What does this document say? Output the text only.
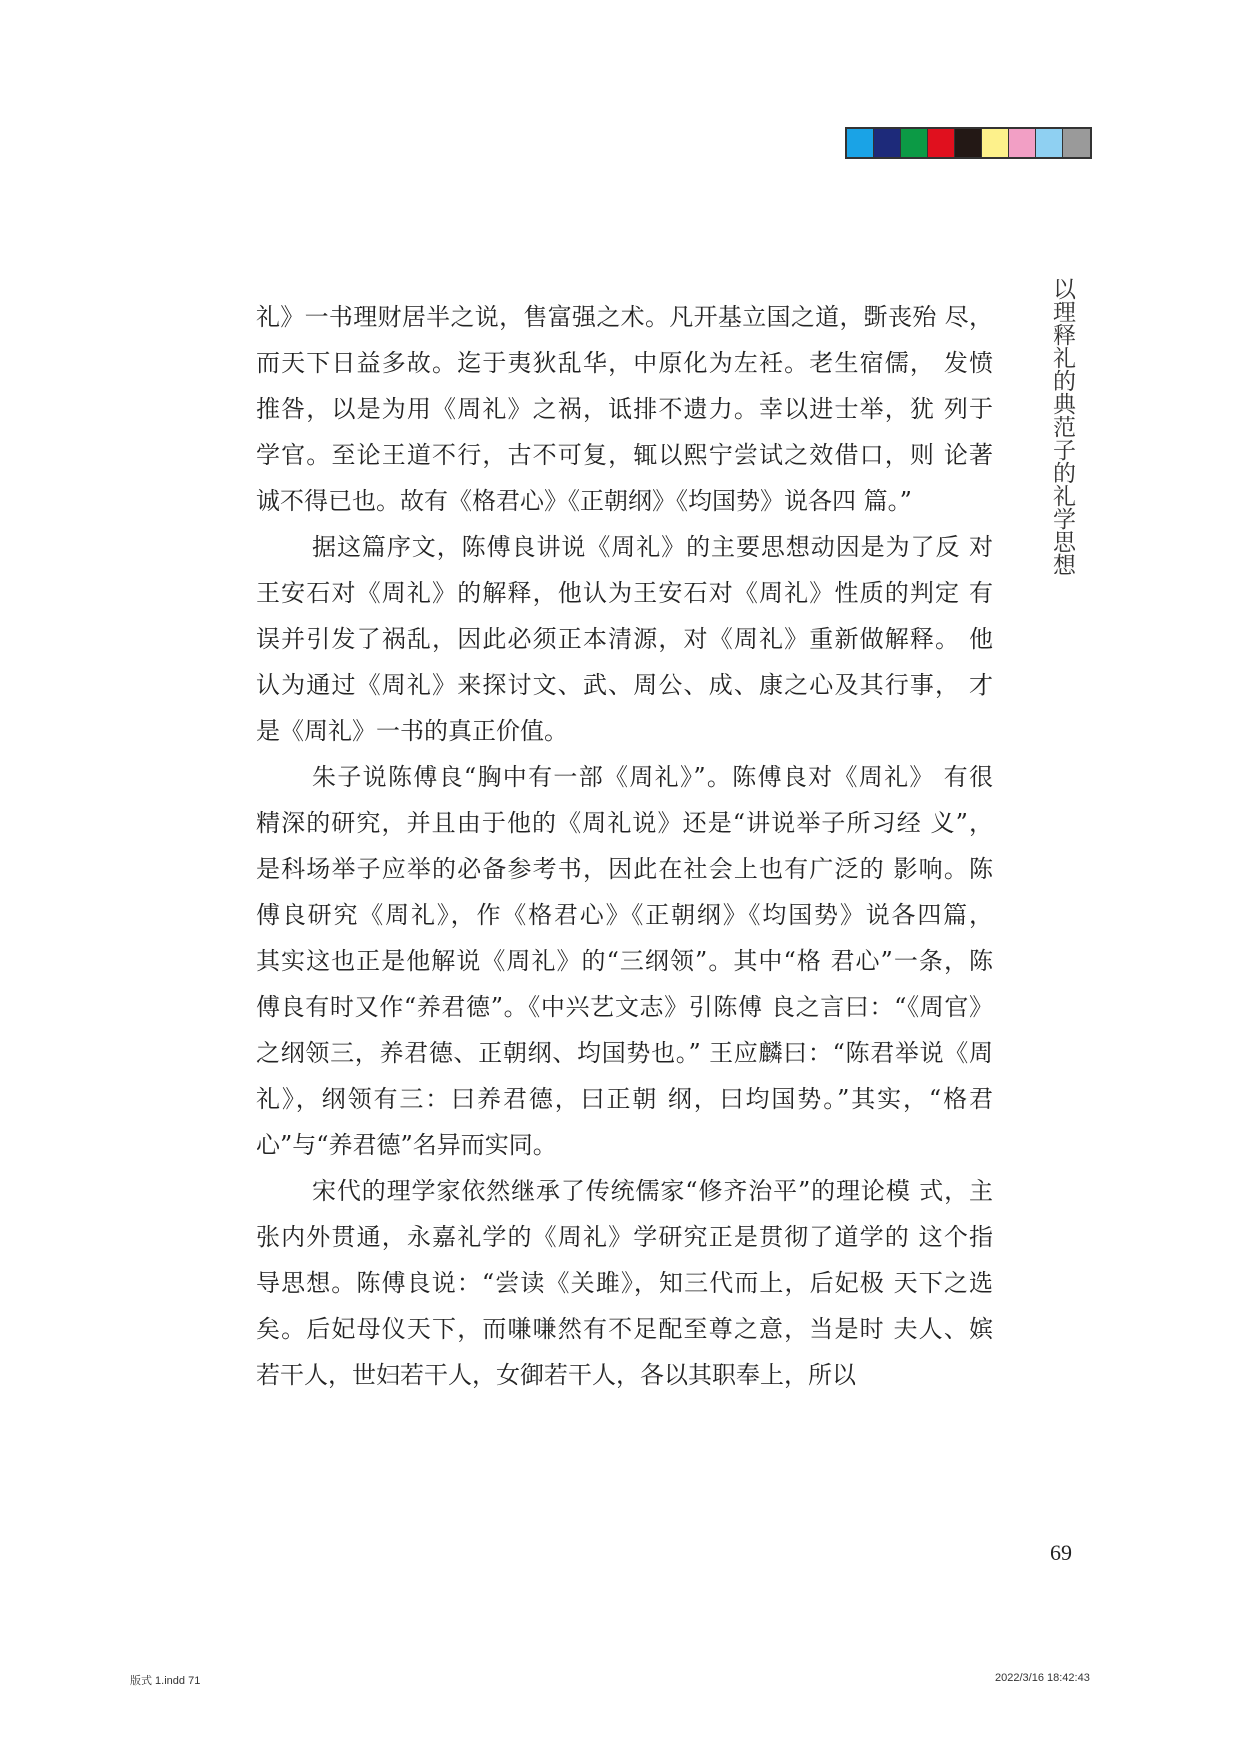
以理释礼的典范子的礼学思想
礼》一书理财居半之说，售富强之术。凡开基立国之道，斲丧殆 尽，
而天下日益多故。迄于夷狄乱华，中原化为左衽。老生宿儒， 发愤
推咎，以是为用《周礼》之祸，诋排不遗力。幸以进士举，犹 列于
学官。至论王道不行，古不可复，辄以熙宁尝试之效借口，则 论著
诚不得已也。故有《格君心》《正朝纲》《均国势》说各四 篇。”
据这篇序文，陈傅良讲说《周礼》的主要思想动因是为了反 对
王安石对《周礼》的解释，他认为王安石对《周礼》性质的判定 有
误并引发了祸乱，因此必须正本清源，对《周礼》重新做解释。 他
认为通过《周礼》来探讨文、武、周公、成、康之心及其行事， 才
是《周礼》一书的真正价值。
朱子说陈傅良“胸中有一部《周礼》”。陈傅良对《周礼》 有很
精深的研究，并且由于他的《周礼说》还是“讲说举子所习经 义”，
是科场举子应举的必备参考书，因此在社会上也有广泛的 影响。陈
傅良研究《周礼》，作《格君心》《正朝纲》《均国势》说各四篇，
其实这也正是他解说《周礼》的“三纲领”。其中“格 君心”一条，陈
傅良有时又作“养君德”。《中兴艺文志》引陈傅 良之言曰：“《周官》
之纲领三，养君德、正朝纲、均国势也。” 王应麟曰：“陈君举说《周
礼》，纲领有三：曰养君德，曰正朝 纲，曰均国势。”其实，“格君
心”与“养君德”名异而实同。
宋代的理学家依然继承了传统儒家“修齐治平”的理论模 式，主
张内外贯通，永嘉礼学的《周礼》学研究正是贯彻了道学的 这个指
导思想。陈傅良说：“尝读《关雎》，知三代而上，后妃极 天下之选
矣。后妃母仪天下，而嗛嗛然有不足配至尊之意，当是时 夫人、嫔
若干人，世妇若干人，女御若干人，各以其职奉上，所以
69
版式 1.indd 71	2022/3/16 18:42:43
